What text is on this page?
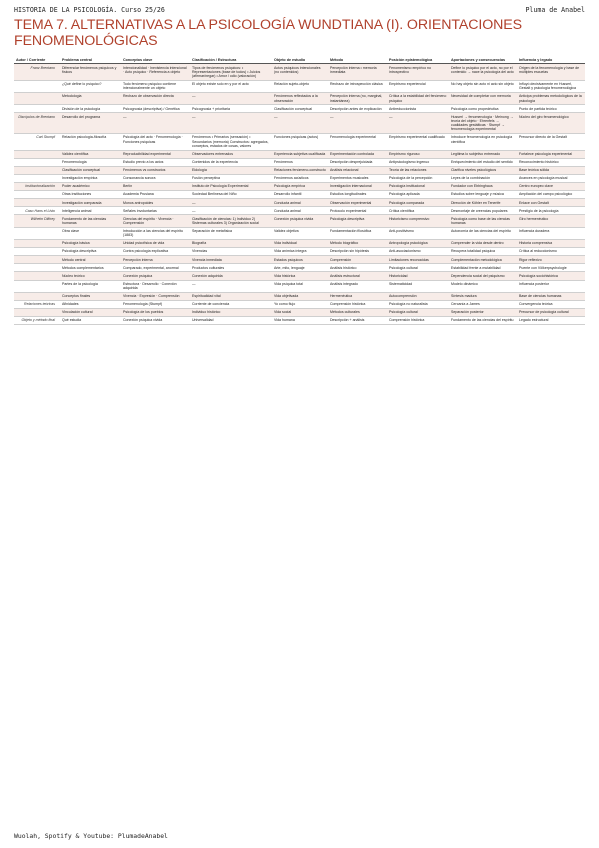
HISTORIA DE LA PSICOLOGÍA. Curso 25/26	Pluma de Anabel
TEMA 7. ALTERNATIVAS A LA PSICOLOGÍA WUNDTIANA (I). ORIENTACIONES FENOMENOLÓGICAS
Autor / Corriente	Problema central	Conceptos clave	Clasificación / Estructura	Objeto de estudio	Método	Posición epistemológica	Aportaciones y consecuencias	Influencia y legado
Franz Brentano	Diferenciar fenómenos psíquicos y físicos	Intencionalidad · Inexistencia intencional · Acto psíquico · Referencia a objeto	Tipos de fenómenos psíquicos: • Representaciones (base de todos) • Juicios (afirmar/negar) • Amor / odio (valoración)	Actos psíquicos intencionales (no contenidos)	Percepción interna • memoria inmediata	Fenomenismo empírico no introspectivo	Define lo psíquico por el acto, no por el contenido → nace la psicología del acto	Origen de la fenomenología y base de múltiples escuelas
	¿Qué define lo psíquico?	Todo fenómeno psíquico contiene intencionalmente un objeto	El objeto existe solo en y por el acto	Relación sujeto-objeto	Rechazo de introspección clásica	Empirismo experiencial	No hay objeto sin acto ni acto sin objeto	Influyó decisivamente en Husserl, Gestalt y psicología fenomenológica
	Metodología	Rechazo de observación directa	—	Fenómenos reflectados a la observación	Percepción interna (no, marginal, instantánea)	Crítica a la estabilidad del fenómeno psíquico	Necesidad de completar con memoria	Anticipa problemas metodológicos de la psicología
	División de la psicología	Psicognosia (descriptiva) / Genética	Psicognosia + prioritaria	Clasificación conceptual	Descripción antes de explicación	Antireduccionista	Psicología como propedéutica	Punto de partida teórico
Discípulos de Brentano	Desarrollo del programa	—	—	—	—	—	Husserl → fenomenología · Meinong → teoría del objeto · Ehrenfels → cualidades gestálticas · Stumpf → fenomenología experimental	Núcleo del giro fenomenológico
Carl Stumpf	Relación psicología-filosofía	Psicología del acto · Fenomenología · Funciones psíquicas	Fenómenos • Primarios (sensación) • Secundarios (memoria) Constructos: agregados, conceptos, estados de cosas, valores	Funciones psíquicas (actos)	Fenomenología experimental	Empirismo experimental cualificado	Introduce fenomenología en psicología científica	Precursor directo de la Gestalt
	Validez científica	Reproducibilidad experimental	Observadores entrenados	Experiencia subjetiva cualificada	Experimentación controlada	Empirismo riguroso	Legitima lo subjetivo entrenado	Fortalece psicología experimental
	Fenomenología	Estudio previo a los actos	Contenidos de la experiencia	Fenómenos	Descripción desprejuiciada	Antipsicologismo ingenuo	Enriquecimiento del estudio del sentido	Reconocimiento histórico
	Clasificación conceptual	Fenómenos vs constructos	Eidología	Relaciones fenómeno-constructo	Análisis relacional	Teoría de las relaciones	Clarifica niveles psicológicos	Base teórica sólida
	Investigación empírica	Consonancia sonora	Fusión perceptiva	Fenómenos acústicos	Experimentos musicales	Psicología de la percepción	Leyes de la combinación	Avances en psicología musical
Institucionalización	Poder académico	Berlín	Instituto de Psicología Experimental	Psicología empírica	Investigación internacional	Psicología institucional	Fundador con Ebbinghaus	Centro europeo clave
	Otras instituciones	Academia Prusiana	Sociedad Berlinesa del Niño	Desarrollo infantil	Estudios longitudinales	Psicología aplicada	Estudios sobre lenguaje y música	Ampliación del campo psicológico
	Investigación comparada	Monos antropoides	—	Conducta animal	Observación experimental	Psicología comparada	Dirección de Köhler en Tenerife	Enlace con Gestalt
Caso Hans el Listo	Inteligencia animal	Señales involuntarias	—	Conducta animal	Protocolo experimental	Crítica científica	Desmontaje de creencias populares	Prestigio de la psicología
Wilhelm Dilthey	Fundamento de las ciencias humanas	Ciencias del espíritu · Vivencia · Comprensión	Clasificación de ciencias: 1) Individuo 2) Sistemas culturales 3) Organización social	Conexión psíquica vivida	Psicología descriptiva	Historicismo comprensivo	Psicología como base de las ciencias humanas	Giro hermenéutico
	Obra clave	Introducción a las ciencias del espíritu (1883)	Separación de metafísica	Validez objetiva	Fundamentación filosófica	Anti-positivismo	Autonomía de las ciencias del espíritu	Influencia duradera
	Psicología básica	Unidad psicofísica de vida	Biografía	Vida individual	Método biográfico	Antropología psicológica	Comprender la vida desde dentro	Historia comprensiva
	Psicología descriptiva	Contra psicología explicativa	Vivencias	Vida anímica íntegra	Descripción sin hipótesis	Anti-asociacionismo	Recupera totalidad psíquica	Crítica al reduccionismo
	Método central	Percepción interna	Vivencia inmediata	Estados psíquicos	Comprensión	Limitaciones reconocidas	Complementación metodológica	Rigor reflexivo
	Métodos complementarios	Comparado, experimental, anormal	Productos culturales	Arte, mito, lenguaje	Análisis histórico	Psicología cultural	Estabilidad frente a mutabilidad	Puente con Völkerpsychologie
	Núcleo teórico	Conexión psíquica	Conexión adquirida	Vida histórica	Análisis estructural	Historicidad	Dependencia social del psiquismo	Psicología sociohistórica
	Partes de la psicología	Estructura · Desarrollo · Conexión adquirida	—	Vida psíquica total	Análisis integrado	Sistematicidad	Modelo dinámico	Influencia posterior
	Conceptos finales	Vivencia · Expresión · Comprensión	Espiritualidad vital	Vida objetivada	Hermenéutica	Autocomprensión	Síntesis madura	Base de ciencias humanas
Relaciones teóricas	Afinidades	Fenomenología (Stumpf)	Corriente de conciencia	Yo como flujo	Comprensión histórica	Psicología no naturalista	Cercanía a James	Convergencia teórica
	Vinculación cultural	Psicología de los pueblos	Individuo histórico	Vida social	Métodos culturales	Psicología cultural	Separación posterior	Precursor de psicología cultural
Objeto y método final	Qué estudia	Conexión psíquica vivida	Universalidad	Vida humana	Descripción + análisis	Comprensión histórica	Fundamento de las ciencias del espíritu	Legado estructural
Wuolah, Spotify & Youtube: PlumadeAnabel
